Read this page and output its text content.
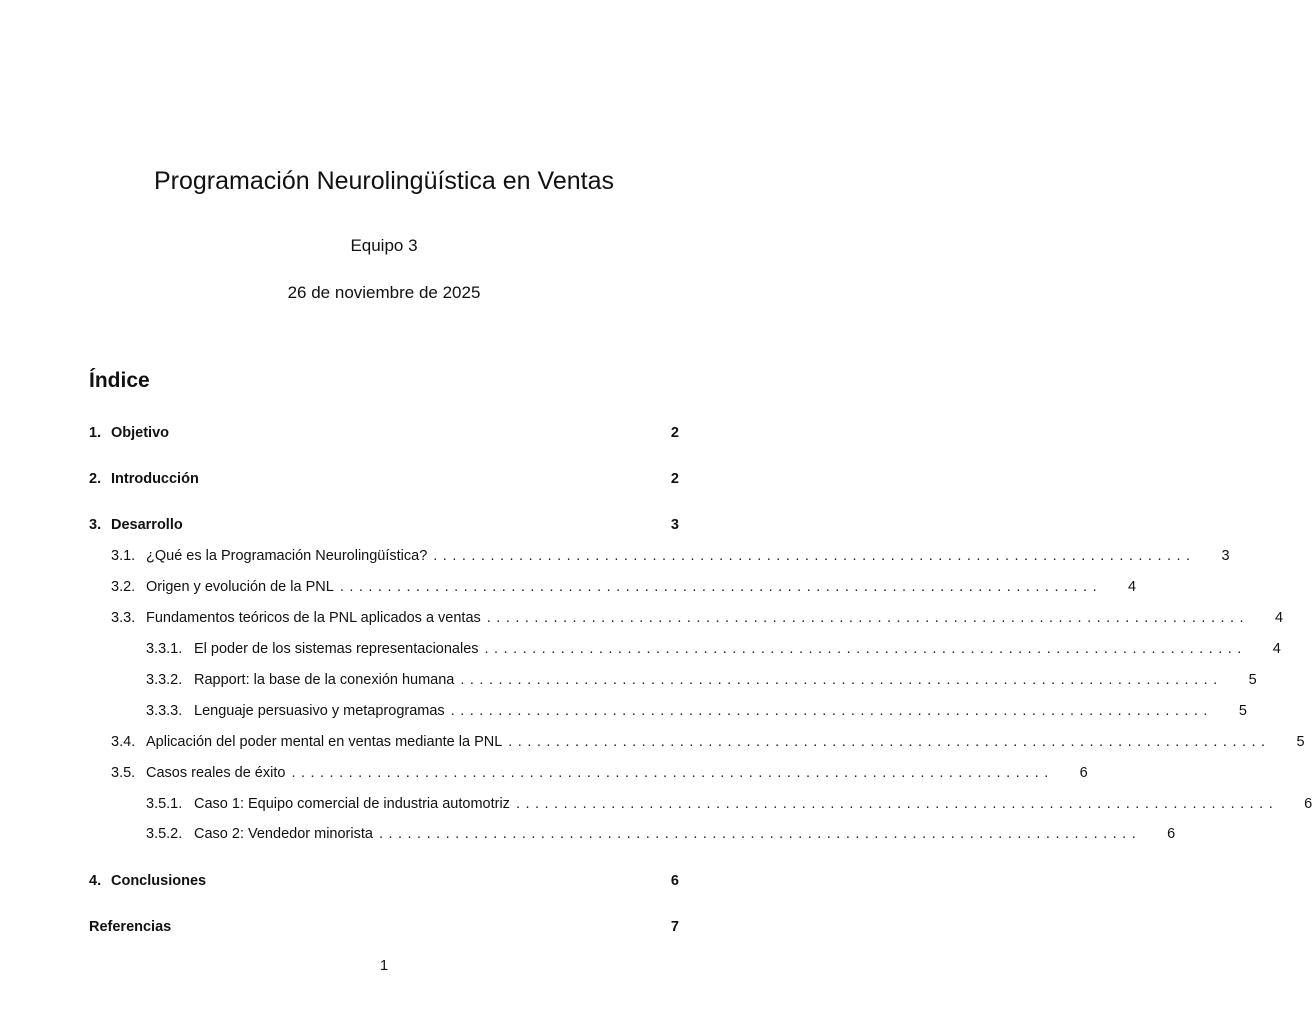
Programación Neurolingüística en Ventas
Equipo 3
26 de noviembre de 2025
Índice
1. Objetivo	2
2. Introducción	2
3. Desarrollo	3
3.1. ¿Qué es la Programación Neurolingüística? ................................................................................ 3
3.2. Origen y evolución de la PNL ................................................................................ 4
3.3. Fundamentos teóricos de la PNL aplicados a ventas ................................................................................ 4
3.3.1. El poder de los sistemas representacionales ................................................................................ 4
3.3.2. Rapport: la base de la conexión humana ................................................................................ 5
3.3.3. Lenguaje persuasivo y metaprogramas ................................................................................ 5
3.4. Aplicación del poder mental en ventas mediante la PNL ................................................................................ 5
3.5. Casos reales de éxito ................................................................................ 6
3.5.1. Caso 1: Equipo comercial de industria automotriz ................................................................................ 6
3.5.2. Caso 2: Vendedor minorista ................................................................................ 6
4. Conclusiones	6
Referencias	7
1
